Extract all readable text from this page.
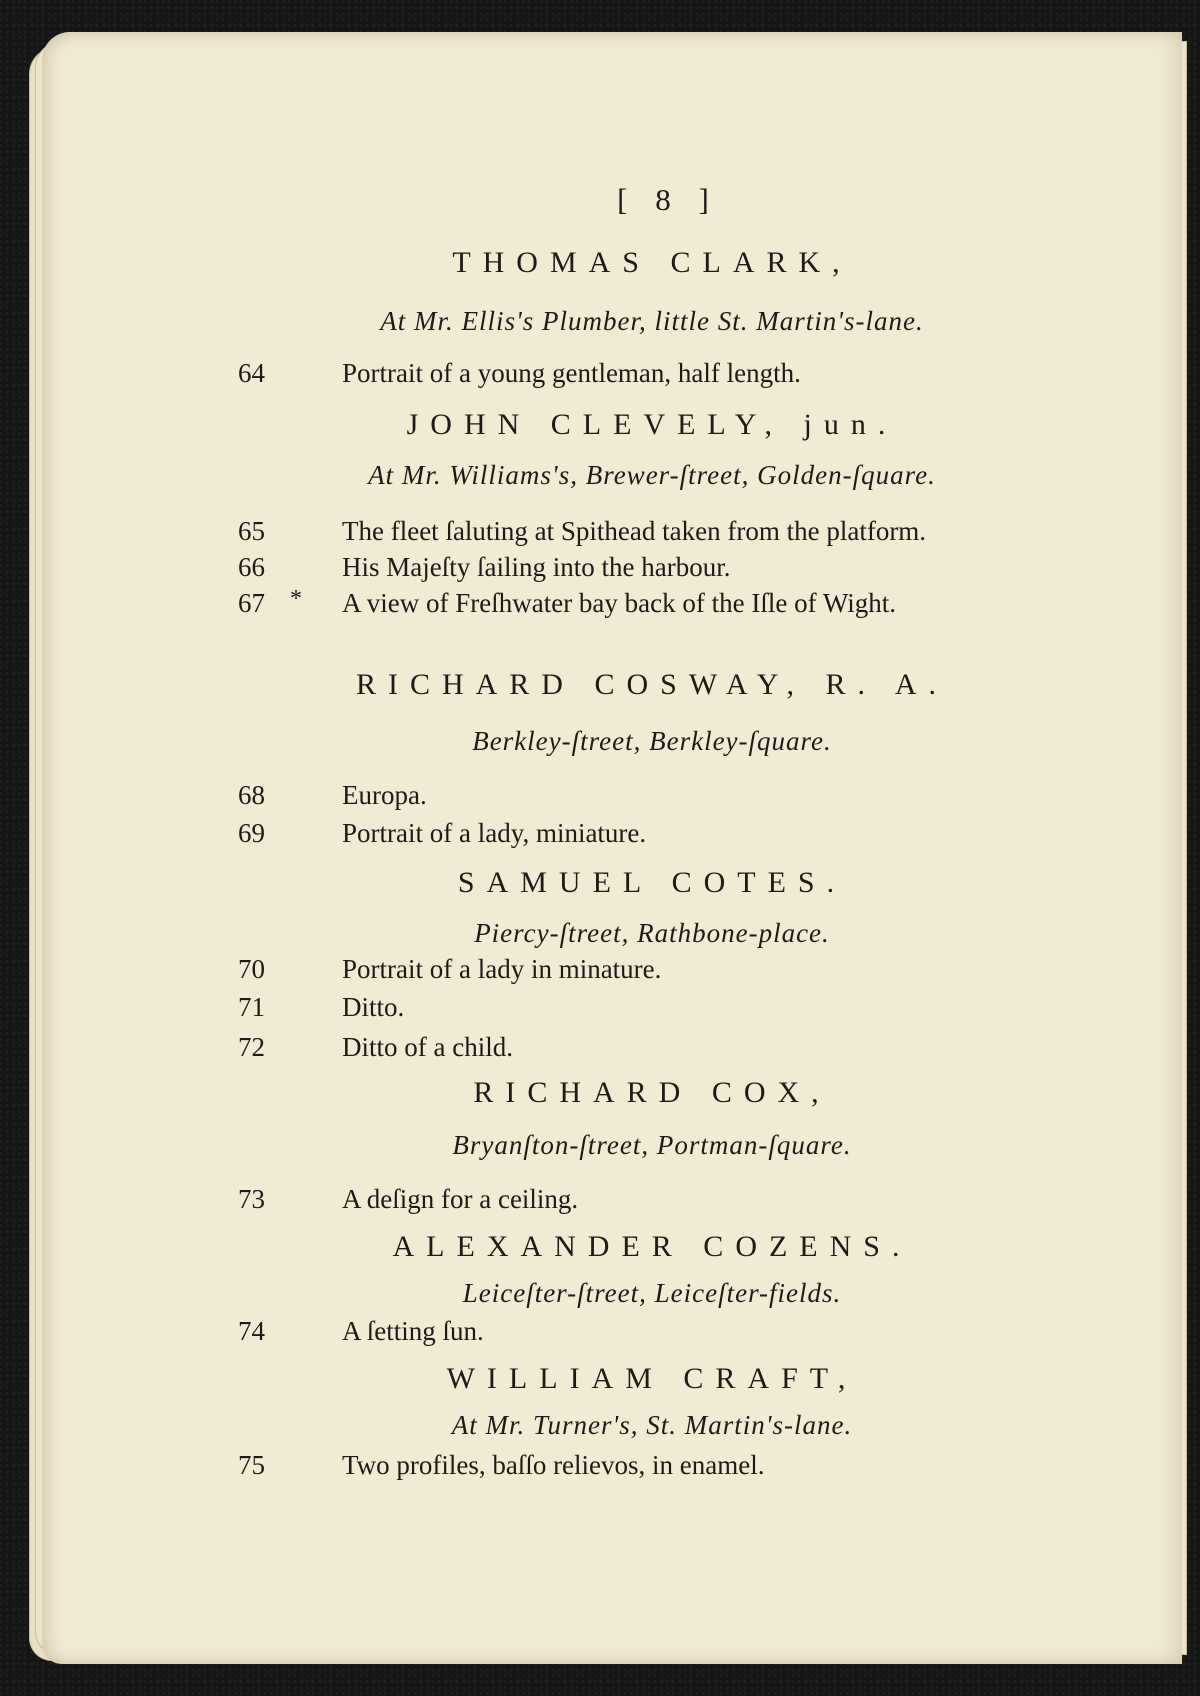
[ 8 ]
THOMAS CLARK,
At Mr. Ellis's Plumber, little St. Martin's-lane.
64	Portrait of a young gentleman, half length.
JOHN CLEVELY, jun.
At Mr. Williams's, Brewer-ſtreet, Golden-ſquare.
65	The fleet ſaluting at Spithead taken from the platform.
66	His Majeſty ſailing into the harbour.
67 * A view of Freſhwater bay back of the Iſle of Wight.
RICHARD COSWAY, R. A.
Berkley-ſtreet, Berkley-ſquare.
68	Europa.
69	Portrait of a lady, miniature.
SAMUEL COTES.
Piercy-ſtreet, Rathbone-place.
70	Portrait of a lady in minature.
71	Ditto.
72	Ditto of a child.
RICHARD COX,
Bryanſton-ſtreet, Portman-ſquare.
73	A deſign for a ceiling.
ALEXANDER COZENS.
Leiceſter-ſtreet, Leiceſter-fields.
74	A ſetting ſun.
WILLIAM CRAFT,
At Mr. Turner's, St. Martin's-lane.
75	Two profiles, baſſo relievos, in enamel.
